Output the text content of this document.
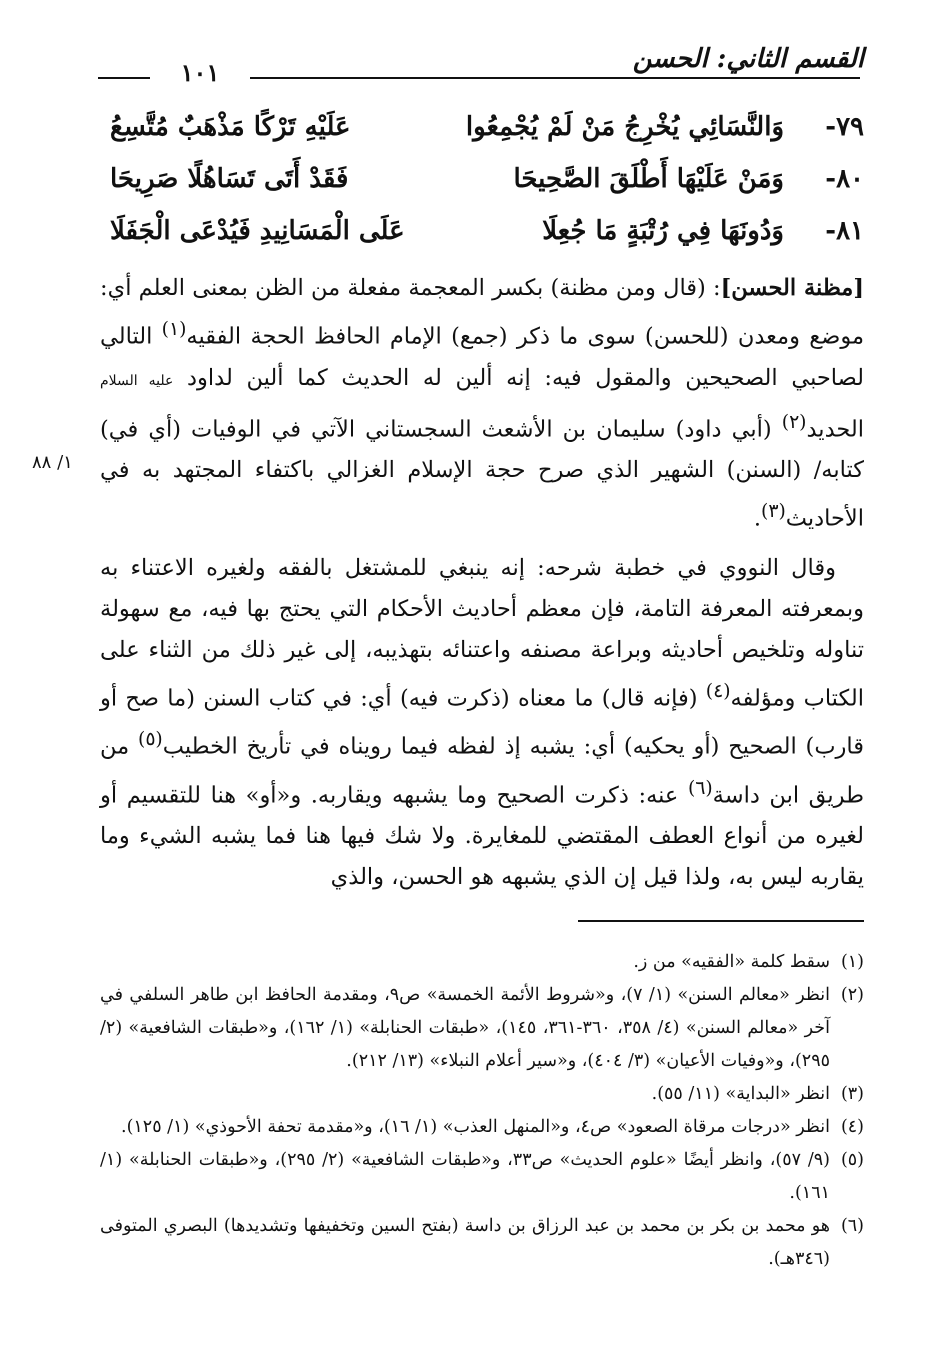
القسم الثاني: الحسن
١٠١
٧٩-
وَالنَّسَائِي يُخْرِجُ مَنْ لَمْ يُجْمِعُوا
عَلَيْهِ تَرْكًا مَذْهَبٌ مُتَّسِعُ
٨٠-
وَمَنْ عَلَيْهَا أَطْلَقَ الصَّحِيحَا
فَقَدْ أَتَى تَسَاهُلًا صَرِيحَا
٨١-
وَدُونَهَا فِي رُتْبَةٍ مَا جُعِلَا
عَلَى الْمَسَانِيدِ فَيُدْعَى الْجَفَلَا

[مظنة الحسن]: (قال ومن مظنة) بكسر المعجمة مفعلة من الظن بمعنى العلم أي: موضع ومعدن (للحسن) سوى ما ذكر (جمع) الإمام الحافظ الحجة الفقيه$^{(١)}$ التالي لصاحبي الصحيحين والمقول فيه: إنه ألين له الحديث كما ألين لداود عليه السلام الحديد$^{(٢)}$ (أبي داود) سليمان بن الأشعث السجستاني الآتي في الوفيات (أي في) كتابه/ (السنن) الشهير الذي صرح حجة الإسلام الغزالي باكتفاء المجتهد به في الأحاديث$^{(٣)}$.

وقال النووي في خطبة شرحه: إنه ينبغي للمشتغل بالفقه ولغيره الاعتناء به وبمعرفته المعرفة التامة، فإن معظم أحاديث الأحكام التي يحتج بها فيه، مع سهولة تناوله وتلخيص أحاديثه وبراعة مصنفه واعتنائه بتهذيبه، إلى غير ذلك من الثناء على الكتاب ومؤلفه$^{(٤)}$ (فإنه قال) ما معناه (ذكرت فيه) أي: في كتاب السنن (ما صح أو قارب) الصحيح (أو يحكيه) أي: يشبه إذ لفظه فيما رويناه في تأريخ الخطيب$^{(٥)}$ من طريق ابن داسة$^{(٦)}$ عنه: ذكرت الصحيح وما يشبهه ويقاربه. و«أو» هنا للتقسيم أو لغيره من أنواع العطف المقتضي للمغايرة. ولا شك فيها هنا فما يشبه الشيء وما يقاربه ليس به، ولذا قيل إن الذي يشبهه هو الحسن، والذي

١/ ٨٨
(١)سقط كلمة «الفقيه» من ز.
(٢)انظر «معالم السنن» (١/ ٧)، و«شروط الأئمة الخمسة» ص٩، ومقدمة الحافظ ابن طاهر السلفي في آخر «معالم السنن» (٤/ ٣٥٨، ٣٦٠-٣٦١، ١٤٥)، «طبقات الحنابلة» (١/ ١٦٢)، و«طبقات الشافعية» (٢/ ٢٩٥)، و«وفيات الأعيان» (٣/ ٤٠٤)، و«سير أعلام النبلاء» (١٣/ ٢١٢).
(٣)انظر «البداية» (١١/ ٥٥).
(٤)انظر «درجات مرقاة الصعود» ص٤، و«المنهل العذب» (١/ ١٦)، و«مقدمة تحفة الأحوذي» (١/ ١٢٥).
(٥)(٩/ ٥٧)، وانظر أيضًا «علوم الحديث» ص٣٣، و«طبقات الشافعية» (٢/ ٢٩٥)، و«طبقات الحنابلة» (١/ ١٦١).
(٦)هو محمد بن بكر بن محمد بن عبد الرزاق بن داسة (بفتح السين وتخفيفها وتشديدها) البصري المتوفى (٣٤٦هـ).
